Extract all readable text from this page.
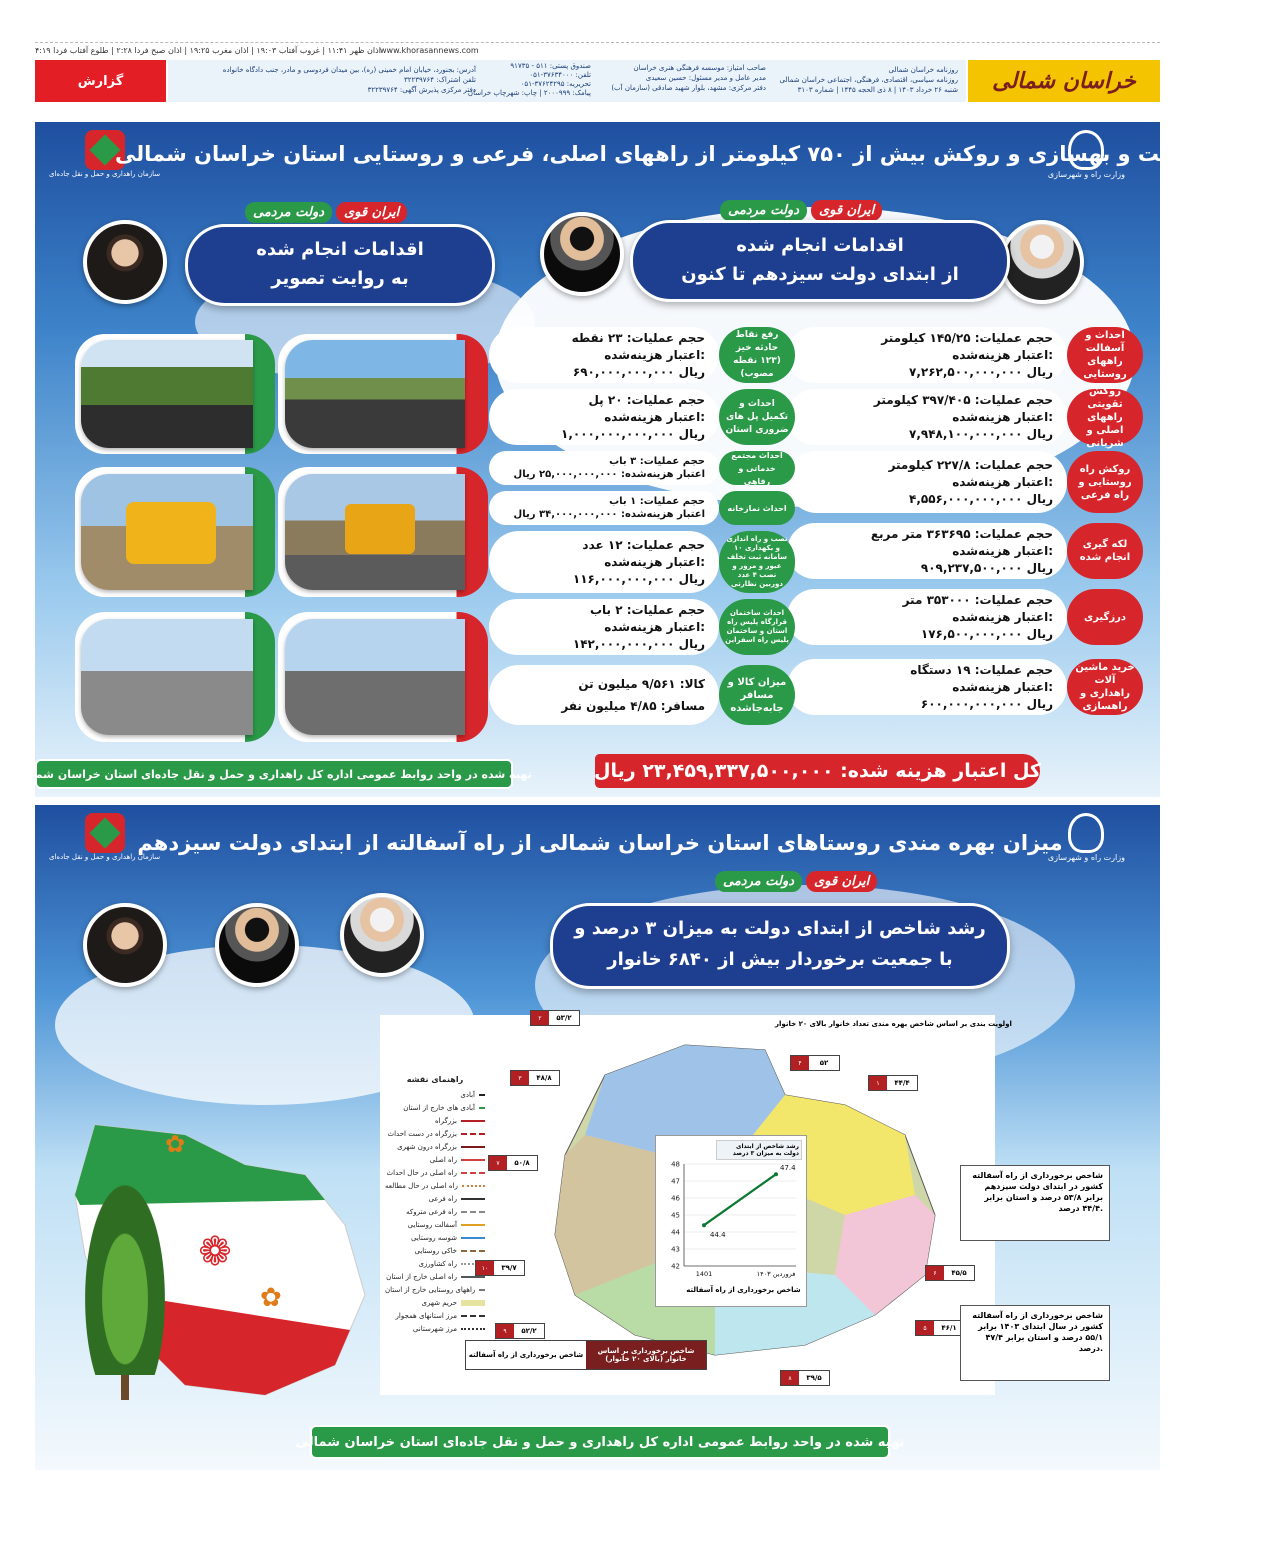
اذان ظهر ۱۱:۴۱ | غروب آفتاب ۱۹:۰۳ | اذان مغرب ۱۹:۲۵ | اذان صبح فردا ۲:۲۸ | طلوع آفتاب فردا ۴:۱۹ www.khorasannews.com
خراسان شمالی
روزنامه خراسان شمالی
روزنامه سیاسی، اقتصادی، فرهنگی، اجتماعی خراسان شمالی
شنبه ۲۶ خرداد ۱۴۰۳ | ۸ ذی الحجه ۱۴۴۵ | شماره ۳۱۰۳
صاحب امتیاز: موسسه فرهنگی هنری خراسان
مدیر عامل و مدیر مسئول: حسین سعیدی
دفتر مرکزی: مشهد، بلوار شهید صادقی (سازمان آب)
صندوق پستی: ۵۱۱ - ۹۱۷۳۵
تلفن: ۳۷۶۳۴۰۰۰-۰۵۱
تحریریه: ۳۷۶۲۴۲۹۵-۰۵۱
پیامک: ۲۰۰۰۹۹۹ | چاپ: شهرچاپ خراسان
آدرس: بجنورد، خیابان امام خمینی (ره)، بین میدان فردوسی و مادر، جنب دادگاه خانواده
تلفن اشتراک: ۳۲۲۳۹۷۶۴
دفتر مرکزی پذیرش آگهی: ۳۲۲۳۹۷۶۴
گزارش
وزارت راه و شهرسازی
سازمان راهداری و حمل و نقل جاده‌ای
احداث، مرمت و بهسازی و روکش بیش از ۷۵۰ کیلومتر از راههای اصلی، فرعی و روستایی استان خراسان شمالی
دولت مردمی	ایران قوی
دولت مردمی	ایران قوی
اقدامات انجام شده
از ابتدای دولت سیزدهم تا کنون
اقدامات انجام شده
به روایت تصویر
احداث و آسفالت راههای روستایی
حجم عملیات: ۱۴۵/۲۵ کیلومتر
اعتبار هزینه‌شده:
۷,۲۶۲,۵۰۰,۰۰۰,۰۰۰ ریال
روکش تقویتی راههای اصلی و شریانی
حجم عملیات: ۳۹۷/۴۰۵ کیلومتر
اعتبار هزینه‌شده:
۷,۹۴۸,۱۰۰,۰۰۰,۰۰۰ ریال
روکش راه روستایی و راه فرعی
حجم عملیات: ۲۲۷/۸ کیلومتر
اعتبار هزینه‌شده:
۴,۵۵۶,۰۰۰,۰۰۰,۰۰۰ ریال
لکه گیری انجام شده
حجم عملیات: ۳۶۳۶۹۵ متر مربع
اعتبار هزینه‌شده:
۹۰۹,۲۳۷,۵۰۰,۰۰۰ ریال
درزگیری
حجم عملیات: ۳۵۳۰۰۰ متر
اعتبار هزینه‌شده:
۱۷۶,۵۰۰,۰۰۰,۰۰۰ ریال
خرید ماشین آلات راهداری و راهسازی
حجم عملیات: ۱۹ دستگاه
اعتبار هزینه‌شده:
۶۰۰,۰۰۰,۰۰۰,۰۰۰ ریال
رفع نقاط حادثه خیز (۱۲۳ نقطه مصوب)
حجم عملیات: ۲۳ نقطه
اعتبار هزینه‌شده:
۶۹۰,۰۰۰,۰۰۰,۰۰۰ ریال
احداث و تکمیل پل های ضروری استان
حجم عملیات: ۲۰ پل
اعتبار هزینه‌شده:
۱,۰۰۰,۰۰۰,۰۰۰,۰۰۰ ریال
احداث مجتمع خدماتی و رفاهی
حجم عملیات: ۳ باب
اعتبار هزینه‌شده: ۲۵,۰۰۰,۰۰۰,۰۰۰ ریال
احداث نمازخانه
حجم عملیات: ۱ باب
اعتبار هزینه‌شده: ۳۴,۰۰۰,۰۰۰,۰۰۰ ریال
نصب و راه اندازی و بکهداری ۱۰ سامانه ثبت تخلف عبور و مرور و نصب ۴ عدد دوربین نظارتی
حجم عملیات: ۱۲ عدد
اعتبار هزینه‌شده:
۱۱۶,۰۰۰,۰۰۰,۰۰۰ ریال
احداث ساختمان قرارگاه پلیس راه استان و ساختمان پلیس راه اسفراین
حجم عملیات: ۲ باب
اعتبار هزینه‌شده:
۱۴۲,۰۰۰,۰۰۰,۰۰۰ ریال
میزان کالا و مسافر جابه‌جاشده
کالا: ۹/۵۶۱ میلیون تن
مسافر: ۴/۸۵ میلیون نفر
کل اعتبار هزینه شده: ۲۳,۴۵۹,۳۳۷,۵۰۰,۰۰۰ ریال
تهیه شده در واحد روابط عمومی اداره کل راهداری و حمل و نقل جاده‌ای استان خراسان شمالی
وزارت راه و شهرسازی
سازمان راهداری و حمل و نقل جاده‌ای
میزان بهره مندی روستاهای استان خراسان شمالی از راه آسفالته از ابتدای دولت سیزدهم
دولت مردمی	ایران قوی
رشد شاخص از ابتدای دولت به میزان ۳ درصد و
با جمعیت برخوردار بیش از ۶۸۴۰ خانوار
❁
✿
✿
اولویت بندی بر اساس شاخص بهره مندی تعداد خانوار بالای ۲۰ خانوار
راهنمای نقشه
آبادی
آبادی های خارج از استان
بزرگراه
بزرگراه در دست احداث
بزرگراه درون شهری
راه اصلی
راه اصلی در حال احداث
راه اصلی در حال مطالعه
راه فرعی
راه فرعی متروکه
آسفالت روستایی
شوسه روستایی
خاکی روستایی
راه کشاورزی
راه اصلی خارج از استان
راههای روستایی خارج از استان
حریم شهری
مرز استانهای همجوار
مرز شهرستانی
شاخص برخورداری از راه آسفالته	شاخص برخورداری بر اساس خانوار (بالای ۲۰ خانوار)
۲	۵۳/۲
۳	۴۸/۸
۴	۵۲
۱	۴۴/۴
۷	۵۰/۸
۱۰	۳۹/۷
۶	۴۵/۵
۹	۵۲/۲	۵	۴۶/۱
۸	۳۹/۵
رشد شاخص از ابتدای دولت به میزان ۳ درصد
42
43
44
45
46
47
48
44.4
1401
47.4
فروردین ۱۴۰۳
شاخص برخورداری از راه آسفالته
شاخص برخورداری از راه آسفالته کشور در ابتدای دولت سیزدهم برابر ۵۳/۸ درصد و استان برابر ۴۴/۴ درصد.
شاخص برخورداری از راه آسفالته کشور در سال ابتدای ۱۴۰۳ برابر ۵۵/۱ درصد و استان برابر ۴۷/۴ درصد.
تهیه شده در واحد روابط عمومی اداره کل راهداری و حمل و نقل جاده‌ای استان خراسان شمالی
